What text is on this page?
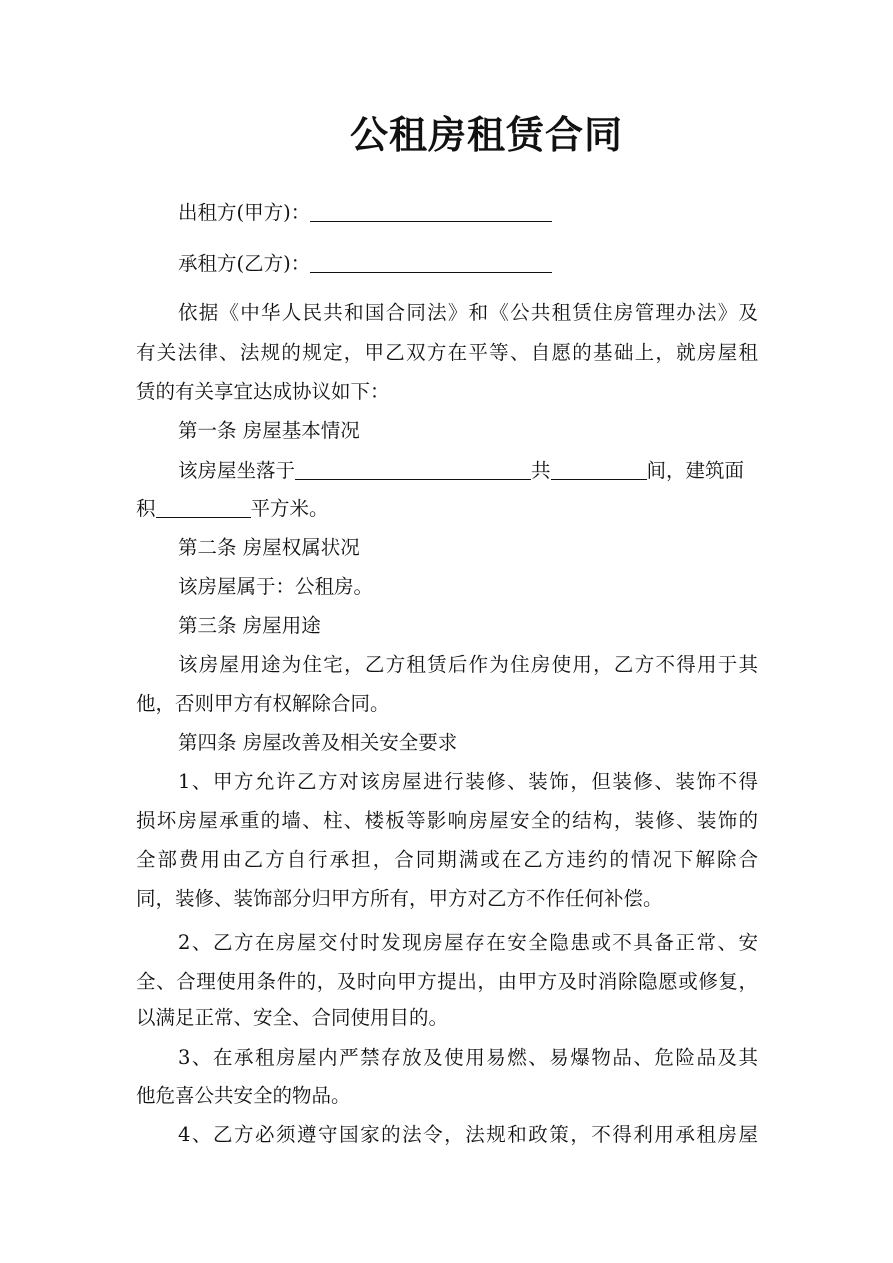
公租房租赁合同
出租方(甲方)：
承租方(乙方)：
依据《中华人民共和国合同法》和《公共租赁住房管理办法》及
有关法律、法规的规定，甲乙双方在平等、自愿的基础上，就房屋租
赁的有关享宜达成协议如下：
第一条 房屋基本情况
该房屋坐落于	共	间，建筑面
积	平方米。
第二条 房屋权属状况
该房屋属于：公租房。
第三条 房屋用途
该房屋用途为住宅，乙方租赁后作为住房使用，乙方不得用于其
他，否则甲方有权解除合同。
第四条 房屋改善及相关安全要求
1、甲方允许乙方对该房屋进行装修、装饰，但装修、装饰不得
损坏房屋承重的墙、柱、楼板等影响房屋安全的结构，装修、装饰的
全部费用由乙方自行承担，合同期满或在乙方违约的情况下解除合
同，装修、装饰部分归甲方所有，甲方对乙方不作任何补偿。
2、乙方在房屋交付时发现房屋存在安全隐患或不具备正常、安
全、合理使用条件的，及时向甲方提出，由甲方及时消除隐愿或修复，
以满足正常、安全、合同使用目的。
3、在承租房屋内严禁存放及使用易燃、易爆物品、危险品及其
他危喜公共安全的物品。
4、乙方必须遵守国家的法令，法规和政策，不得利用承租房屋
